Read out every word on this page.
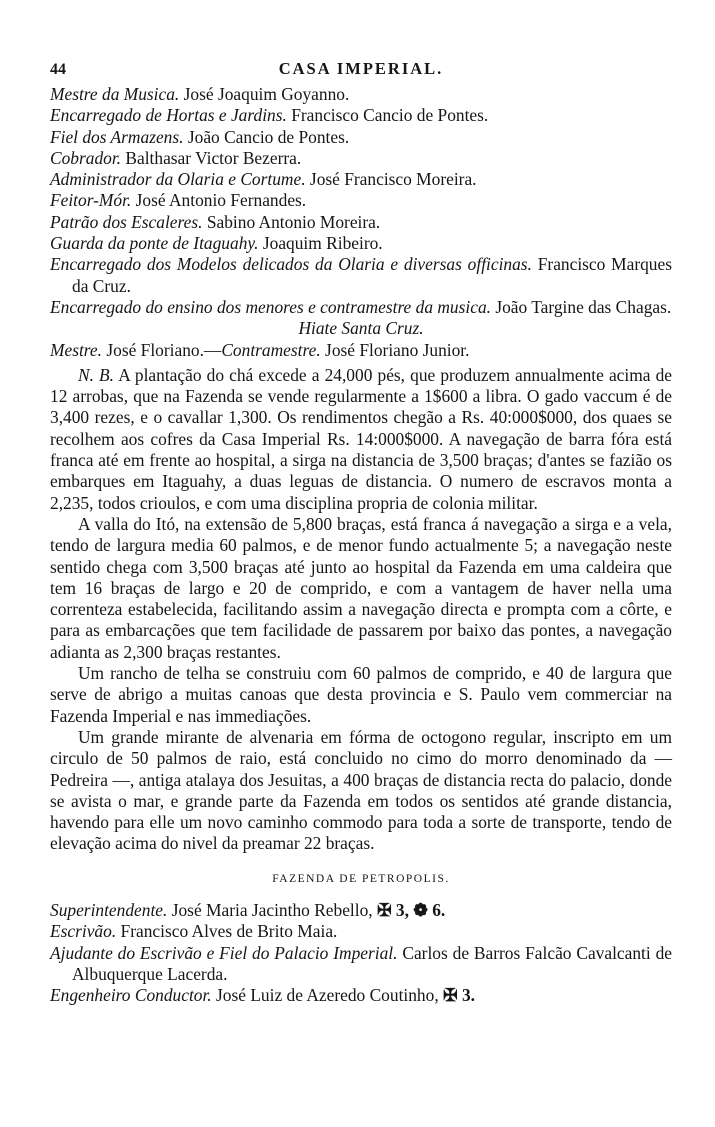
44	CASA IMPERIAL.

Mestre da Musica. José Joaquim Goyanno.

Encarregado de Hortas e Jardins. Francisco Cancio de Pontes.

Fiel dos Armazens. João Cancio de Pontes.

Cobrador. Balthasar Victor Bezerra.

Administrador da Olaria e Cortume. José Francisco Moreira.

Feitor-Mór. José Antonio Fernandes.

Patrão dos Escaleres. Sabino Antonio Moreira.

Guarda da ponte de Itaguahy. Joaquim Ribeiro.

Encarregado dos Modelos delicados da Olaria e diversas officinas. Francisco Marques da Cruz.

Encarregado do ensino dos menores e contramestre da musica. João Targine das Chagas.

Hiate Santa Cruz.

Mestre. José Floriano.—Contramestre. José Floriano Junior.

N. B. A plantação do chá excede a 24,000 pés, que produzem annualmente acima de 12 arrobas, que na Fazenda se vende regularmente a 1$600 a libra. O gado vaccum é de 3,400 rezes, e o cavallar 1,300. Os rendimentos chegão a Rs. 40:000$000, dos quaes se recolhem aos cofres da Casa Imperial Rs. 14:000$000. A navegação de barra fóra está franca até em frente ao hospital, a sirga na distancia de 3,500 braças; d'antes se fazião os embarques em Itaguahy, a duas leguas de distancia. O numero de escravos monta a 2,235, todos crioulos, e com uma disciplina propria de colonia militar.

A valla do Itó, na extensão de 5,800 braças, está franca á navegação a sirga e a vela, tendo de largura media 60 palmos, e de menor fundo actualmente 5; a navegação neste sentido chega com 3,500 braças até junto ao hospital da Fazenda em uma caldeira que tem 16 braças de largo e 20 de comprido, e com a vantagem de haver nella uma correnteza estabelecida, facilitando assim a navegação directa e prompta com a côrte, e para as embarcações que tem facilidade de passarem por baixo das pontes, a navegação adianta as 2,300 braças restantes.

Um rancho de telha se construiu com 60 palmos de comprido, e 40 de largura que serve de abrigo a muitas canoas que desta provincia e S. Paulo vem commerciar na Fazenda Imperial e nas immediações.

Um grande mirante de alvenaria em fórma de octogono regular, inscripto em um circulo de 50 palmos de raio, está concluido no cimo do morro denominado da — Pedreira —, antiga atalaya dos Jesuitas, a 400 braças de distancia recta do palacio, donde se avista o mar, e grande parte da Fazenda em todos os sentidos até grande distancia, havendo para elle um novo caminho commodo para toda a sorte de transporte, tendo de elevação acima do nivel da preamar 22 braças.

FAZENDA DE PETROPOLIS.

Superintendente. José Maria Jacintho Rebello, ✠ 3, ❁ 6.

Escrivão. Francisco Alves de Brito Maia.

Ajudante do Escrivão e Fiel do Palacio Imperial. Carlos de Barros Falcão Cavalcanti de Albuquerque Lacerda.

Engenheiro Conductor. José Luiz de Azeredo Coutinho, ✠ 3.
